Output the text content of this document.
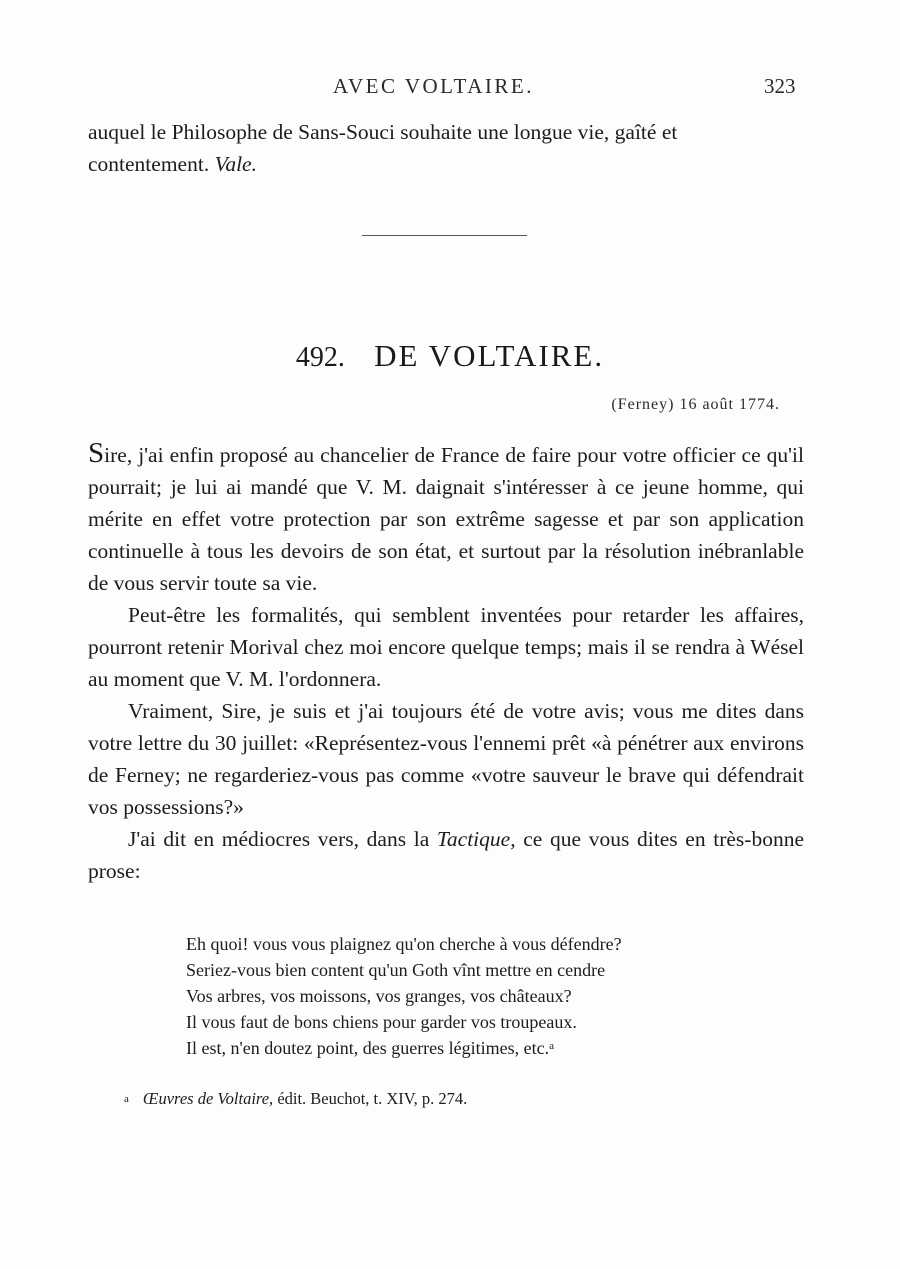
AVEC VOLTAIRE.	323

auquel le Philosophe de Sans-Souci souhaite une longue vie, gaîté et

contentement. Vale.

492. DE VOLTAIRE.
(Ferney) 16 août 1774.

Sire, j'ai enfin proposé au chancelier de France de faire pour votre officier ce qu'il pourrait; je lui ai mandé que V. M. daignait s'intéresser à ce jeune homme, qui mérite en effet votre protection par son extrême sagesse et par son application continuelle à tous les devoirs de son état, et surtout par la résolution inébranlable de vous servir toute sa vie.

Peut-être les formalités, qui semblent inventées pour retarder les affaires, pourront retenir Morival chez moi encore quelque temps; mais il se rendra à Wésel au moment que V. M. l'ordonnera.

Vraiment, Sire, je suis et j'ai toujours été de votre avis; vous me dites dans votre lettre du 30 juillet: «Représentez-vous l'ennemi prêt «à pénétrer aux environs de Ferney; ne regarderiez-vous pas comme «votre sauveur le brave qui défendrait vos possessions?»

J'ai dit en médiocres vers, dans la Tactique, ce que vous dites en très-bonne prose:

Eh quoi! vous vous plaignez qu'on cherche à vous défendre?
Seriez-vous bien content qu'un Goth vînt mettre en cendre
Vos arbres, vos moissons, vos granges, vos châteaux?
Il vous faut de bons chiens pour garder vos troupeaux.
Il est, n'en doutez point, des guerres légitimes, etc.$^a$
a Œuvres de Voltaire, édit. Beuchot, t. XIV, p. 274.
